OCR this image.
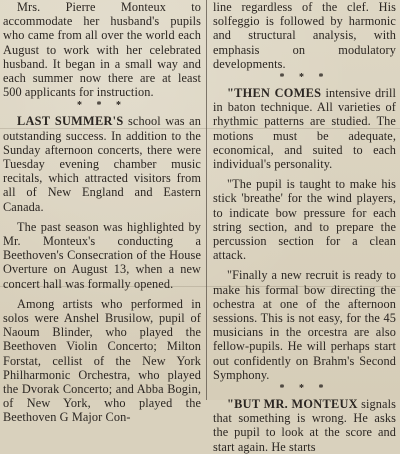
Mrs. Pierre Monteux to accommodate her husband's pupils who came from all over the world each August to work with her celebrated husband. It began in a small way and each summer now there are at least 500 applicants for instruction.

* * *

LAST SUMMER'S school was an outstanding success. In addition to the Sunday afternoon concerts, there were Tuesday evening chamber music recitals, which attracted visitors from all of New England and Eastern Canada.

The past season was highlighted by Mr. Monteux's conducting a Beethoven's Consecration of the House Overture on August 13, when a new concert hall was formally opened.

Among artists who performed in solos were Anshel Brusilow, pupil of Naoum Blinder, who played the Beethoven Violin Concerto; Milton Forstat, cellist of the New York Philharmonic Orchestra, who played the Dvorak Concerto; and Abba Bogin, of New York, who played the Beethoven G Major Con-

line regardless of the clef. His solfeggio is followed by harmonic and structural analysis, with emphasis on modulatory developments.

* * *

"THEN COMES intensive drill in baton technique. All varieties of rhythmic patterns are studied. The motions must be adequate, economical, and suited to each individual's personality.

"The pupil is taught to make his stick 'breathe' for the wind players, to indicate bow pressure for each string section, and to prepare the percussion section for a clean attack.

"Finally a new recruit is ready to make his formal bow directing the ochestra at one of the afternoon sessions. This is not easy, for the 45 musicians in the orcestra are also fellow-pupils. He will perhaps start out confidently on Brahm's Second Symphony.

* * *

"BUT MR. MONTEUX signals that something is wrong. He asks the pupil to look at the score and start again. He starts
